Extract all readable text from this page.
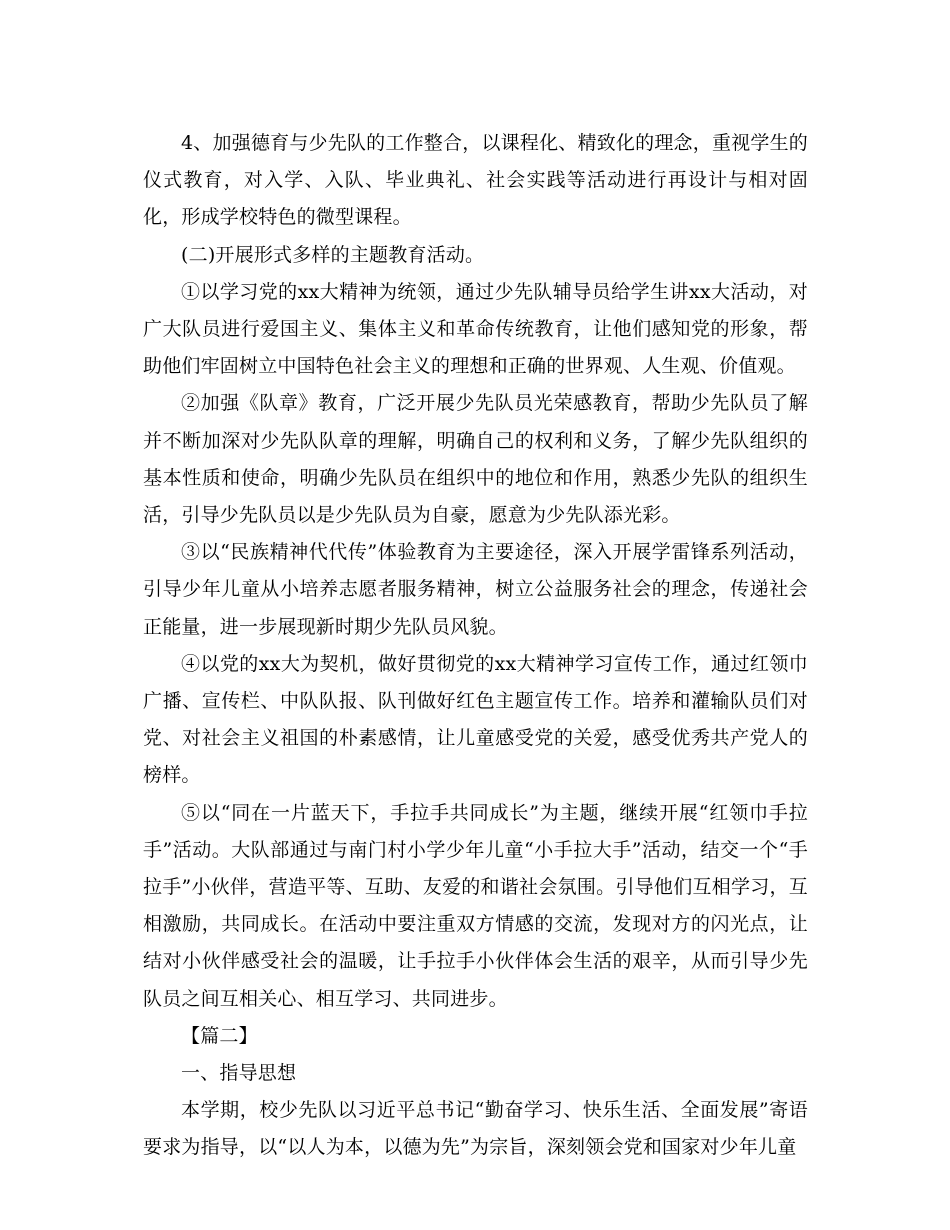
4、加强德育与少先队的工作整合，以课程化、精致化的理念，重视学生的仪式教育，对入学、入队、毕业典礼、社会实践等活动进行再设计与相对固化，形成学校特色的微型课程。

(二)开展形式多样的主题教育活动。

①以学习党的xx大精神为统领，通过少先队辅导员给学生讲xx大活动，对广大队员进行爱国主义、集体主义和革命传统教育，让他们感知党的形象，帮助他们牢固树立中国特色社会主义的理想和正确的世界观、人生观、价值观。

②加强《队章》教育，广泛开展少先队员光荣感教育，帮助少先队员了解并不断加深对少先队队章的理解，明确自己的权利和义务，了解少先队组织的基本性质和使命，明确少先队员在组织中的地位和作用，熟悉少先队的组织生活，引导少先队员以是少先队员为自豪，愿意为少先队添光彩。

③以“民族精神代代传”体验教育为主要途径，深入开展学雷锋系列活动，引导少年儿童从小培养志愿者服务精神，树立公益服务社会的理念，传递社会正能量，进一步展现新时期少先队员风貌。

④以党的xx大为契机，做好贯彻党的xx大精神学习宣传工作，通过红领巾广播、宣传栏、中队队报、队刊做好红色主题宣传工作。培养和灌输队员们对党、对社会主义祖国的朴素感情，让儿童感受党的关爱，感受优秀共产党人的榜样。

⑤以“同在一片蓝天下，手拉手共同成长”为主题，继续开展“红领巾手拉手”活动。大队部通过与南门村小学少年儿童“小手拉大手”活动，结交一个“手拉手”小伙伴，营造平等、互助、友爱的和谐社会氛围。引导他们互相学习，互相激励，共同成长。在活动中要注重双方情感的交流，发现对方的闪光点，让结对小伙伴感受社会的温暖，让手拉手小伙伴体会生活的艰辛，从而引导少先队员之间互相关心、相互学习、共同进步。

【篇二】

一、指导思想

本学期，校少先队以习近平总书记“勤奋学习、快乐生活、全面发展”寄语要求为指导，以“以人为本，以德为先”为宗旨，深刻领会党和国家对少年儿童
